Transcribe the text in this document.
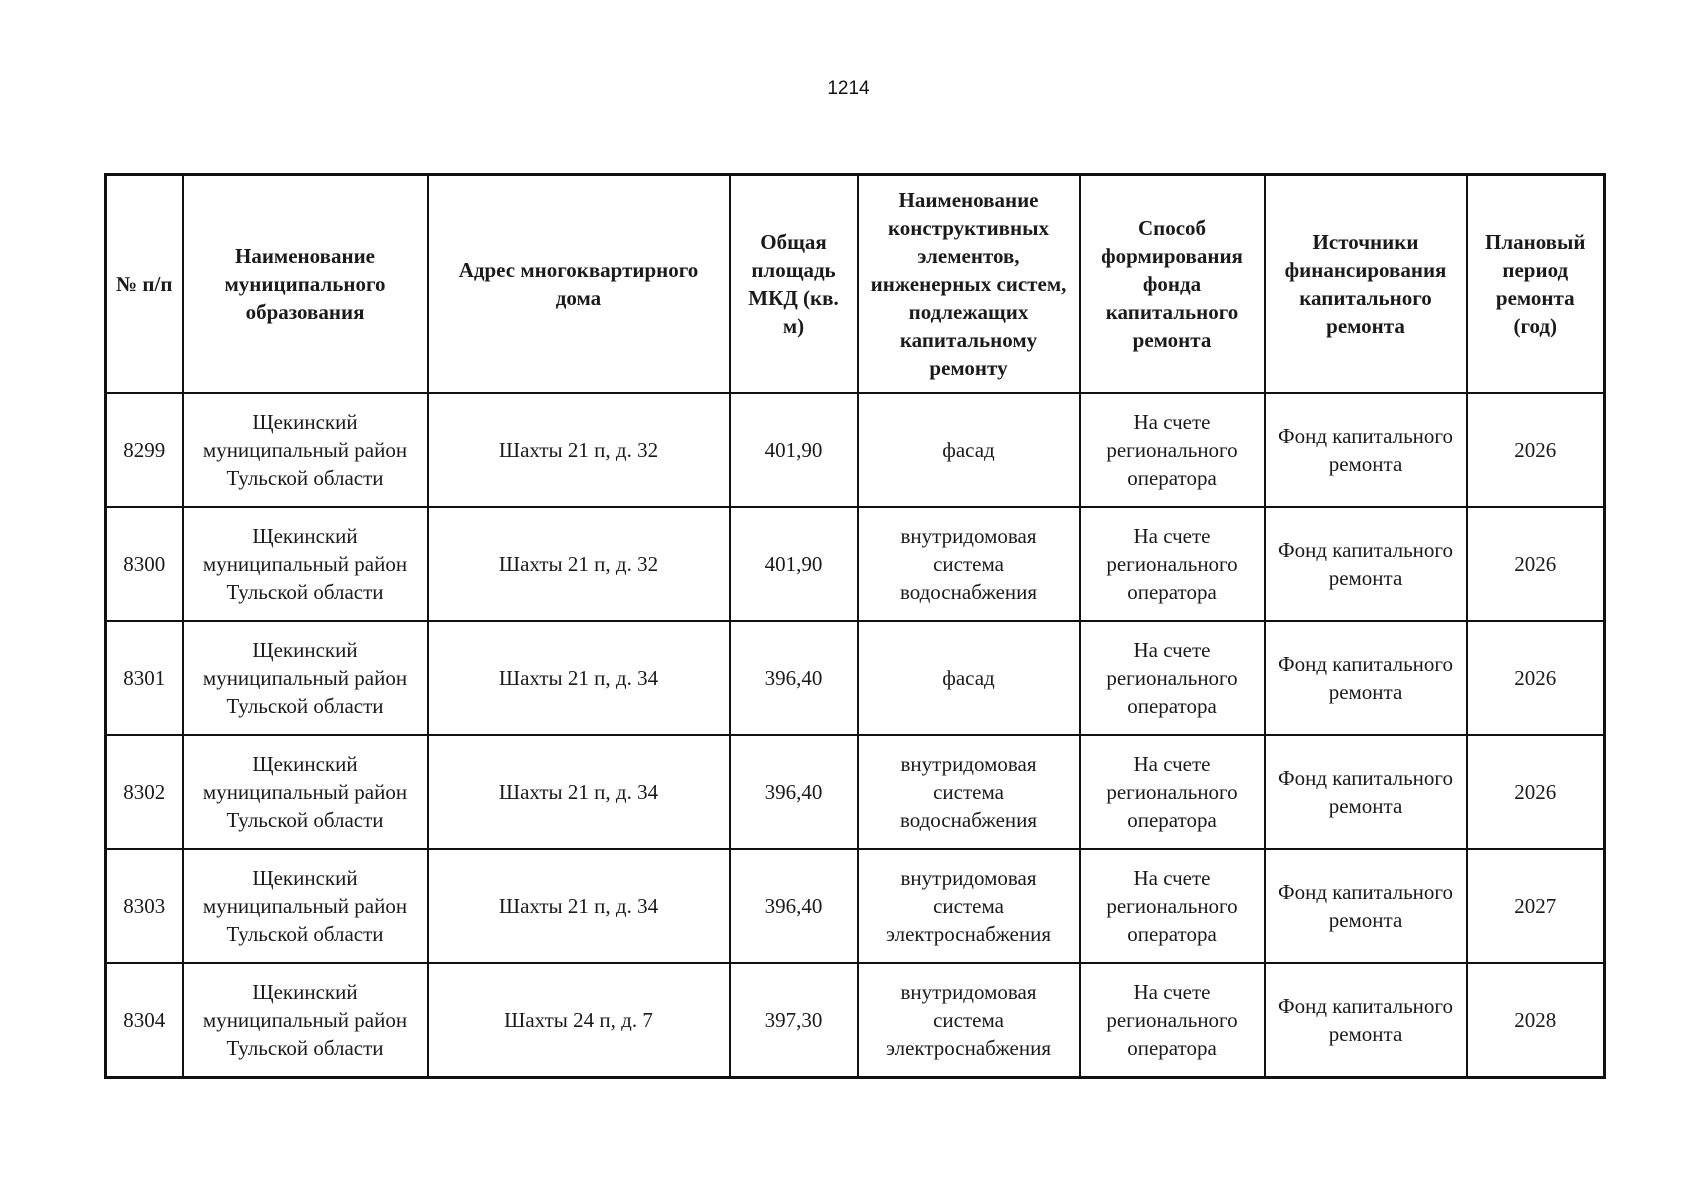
1214
№ п/п	Наименование муниципального образования	Адрес многоквартирного дома	Общая площадь МКД (кв. м)	Наименование конструктивных элементов, инженерных систем, подлежащих капитальному ремонту	Способ формирования фонда капитального ремонта	Источники финансирования капитального ремонта	Плановый период ремонта (год)
8299	Щекинский муниципальный район Тульской области	Шахты 21 п, д. 32	401,90	фасад	На счете регионального оператора	Фонд капитального ремонта	2026
8300	Щекинский муниципальный район Тульской области	Шахты 21 п, д. 32	401,90	внутридомовая система водоснабжения	На счете регионального оператора	Фонд капитального ремонта	2026
8301	Щекинский муниципальный район Тульской области	Шахты 21 п, д. 34	396,40	фасад	На счете регионального оператора	Фонд капитального ремонта	2026
8302	Щекинский муниципальный район Тульской области	Шахты 21 п, д. 34	396,40	внутридомовая система водоснабжения	На счете регионального оператора	Фонд капитального ремонта	2026
8303	Щекинский муниципальный район Тульской области	Шахты 21 п, д. 34	396,40	внутридомовая система электроснабжения	На счете регионального оператора	Фонд капитального ремонта	2027
8304	Щекинский муниципальный район Тульской области	Шахты 24 п, д. 7	397,30	внутридомовая система электроснабжения	На счете регионального оператора	Фонд капитального ремонта	2028
